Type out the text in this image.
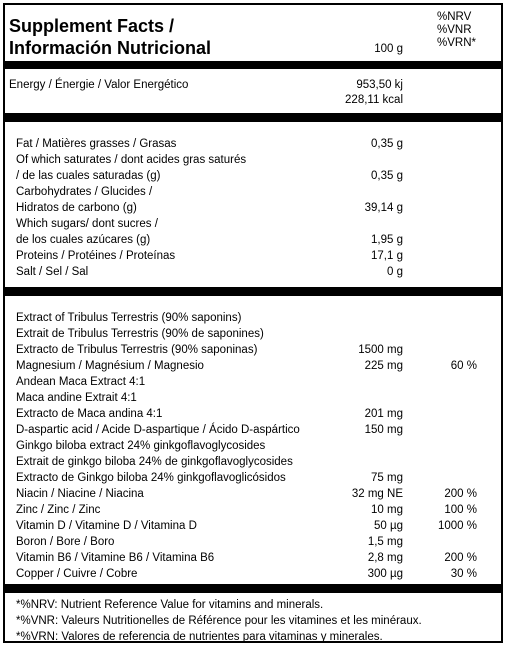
Supplement Facts /
Información Nutricional	100 g
%NRV
%VNR
%VRN*
Energy / Énergie / Valor Energético	953,50 kj
228,11 kcal
Fat / Matières grasses / Grasas	0,35 g
Of which saturates / dont acides gras saturés
/ de las cuales saturadas (g)	0,35 g
Carbohydrates / Glucides /
Hidratos de carbono (g)	39,14 g
Which sugars/ dont sucres /
de los cuales azúcares (g)	1,95 g
Proteins / Protéines / Proteínas	17,1 g
Salt / Sel / Sal	0 g
Extract of Tribulus Terrestris (90% saponins)
Extrait de Tribulus Terrestris (90% de saponines)
Extracto de Tribulus Terrestris (90% saponinas)	1500 mg
Magnesium / Magnésium / Magnesio	225 mg	60 %
Andean Maca Extract 4:1
Maca andine Extrait 4:1
Extracto de Maca andina 4:1	201 mg
D-aspartic acid / Acide D-aspartique / Ácido D-aspártico	150 mg
Ginkgo biloba extract 24% ginkgoflavoglycosides
Extrait de ginkgo biloba 24% de ginkgoflavoglycosides
Extracto de Ginkgo biloba 24% ginkgoflavoglicósidos	75 mg
Niacin / Niacine / Niacina	32 mg NE	200 %
Zinc / Zinc / Zinc	10 mg	100 %
Vitamin D / Vitamine D / Vitamina D	50 µg	1000 %
Boron / Bore / Boro	1,5 mg
Vitamin B6 / Vitamine B6 / Vitamina B6	2,8 mg	200 %
Copper / Cuivre / Cobre	300 µg	30 %
*%NRV: Nutrient Reference Value for vitamins and minerals.
*%VNR: Valeurs Nutritionelles de Référence pour les vitamines et les minéraux.
*%VRN: Valores de referencia de nutrientes para vitaminas y minerales.
